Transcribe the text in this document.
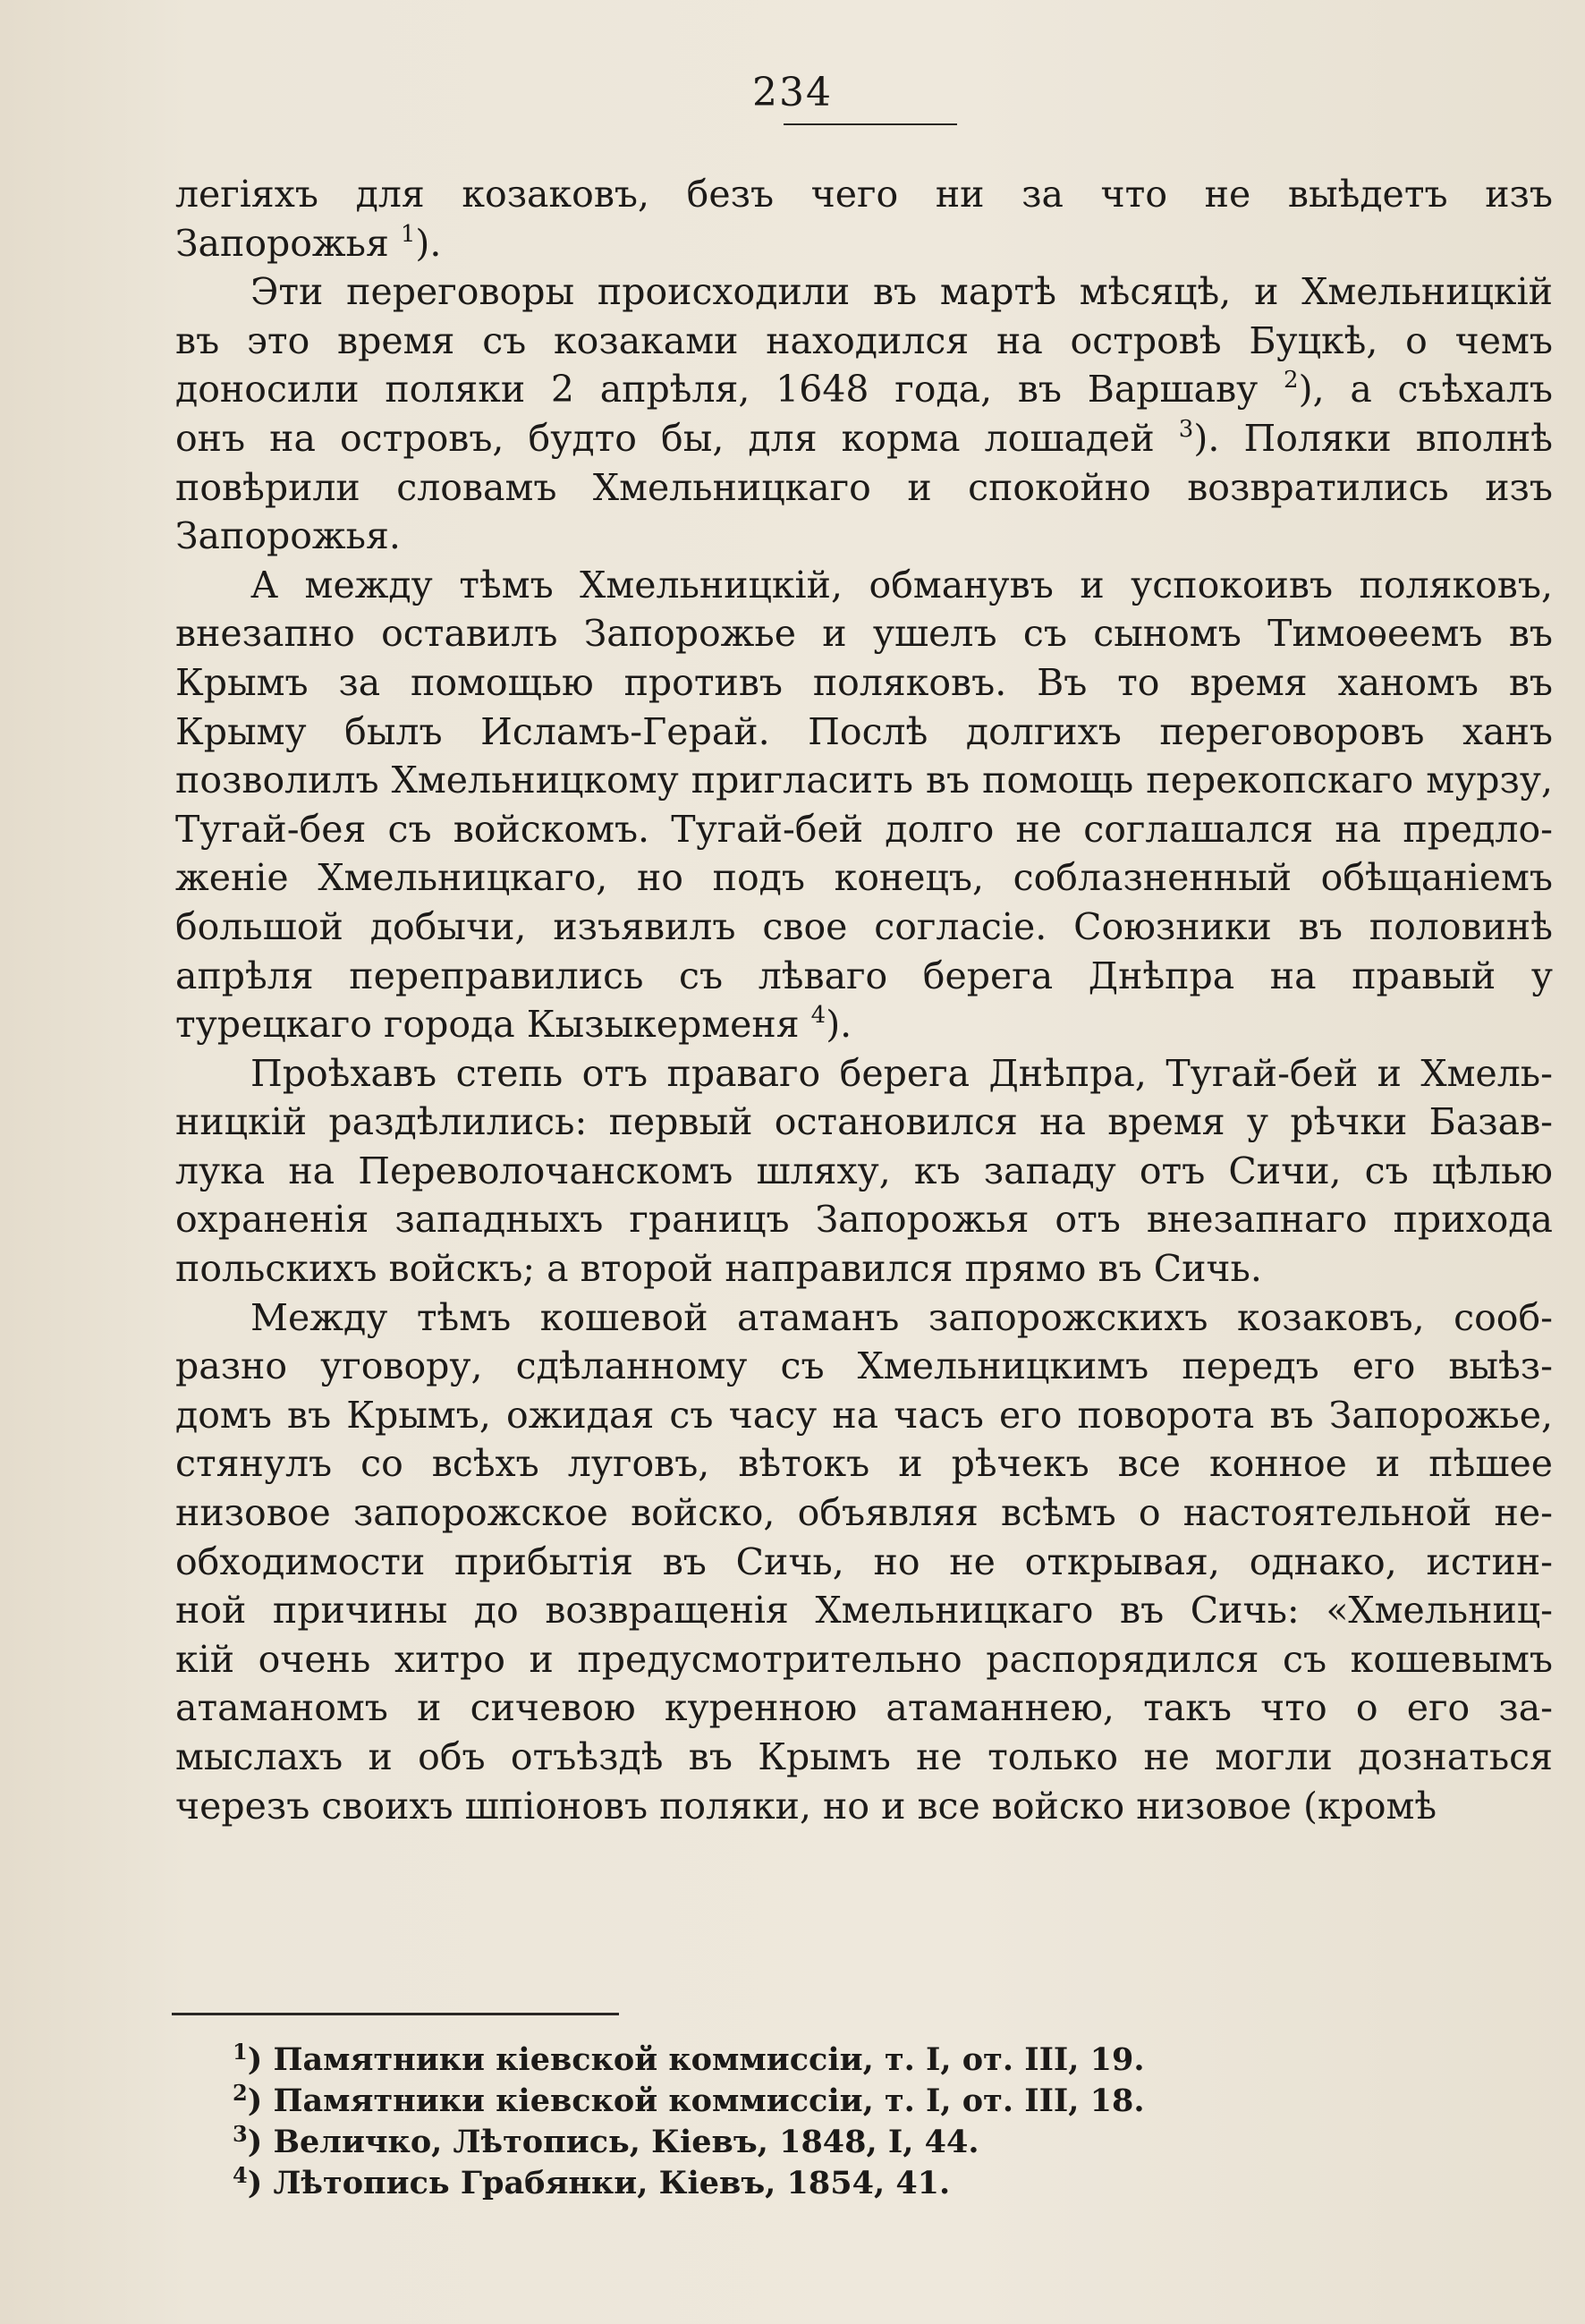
234
легіяхъ для козаковъ, безъ чего ни за что не выѣдетъ изъ
Запорожья $^1$).
Эти переговоры происходили въ мартѣ мѣсяцѣ, и Хмельницкій
въ это время съ козаками находился на островѣ Буцкѣ, о чемъ
доносили поляки 2 апрѣля, 1648 года, въ Варшаву $^2$), а съѣхалъ
онъ на островъ, будто бы, для корма лошадей $^3$). Поляки вполнѣ
повѣрили словамъ Хмельницкаго и спокойно возвратились изъ
Запорожья.
А между тѣмъ Хмельницкій, обманувъ и успокоивъ поляковъ,
внезапно оставилъ Запорожье и ушелъ съ сыномъ Тимоѳеемъ въ
Крымъ за помощью противъ поляковъ. Въ то время ханомъ въ
Крыму былъ Исламъ-Герай. Послѣ долгихъ переговоровъ ханъ
позволилъ Хмельницкому пригласить въ помощь перекопскаго мурзу,
Тугай-бея съ войскомъ. Тугай-бей долго не соглашался на предло-
женіе Хмельницкаго, но подъ конецъ, соблазненный обѣщаніемъ
большой добычи, изъявилъ свое согласіе. Союзники въ половинѣ
апрѣля переправились съ лѣваго берега Днѣпра на правый у
турецкаго города Кызыкерменя $^4$).
Проѣхавъ степь отъ праваго берега Днѣпра, Тугай-бей и Хмель-
ницкій раздѣлились: первый остановился на время у рѣчки Базав-
лука на Переволочанскомъ шляху, къ западу отъ Сичи, съ цѣлью
охраненія западныхъ границъ Запорожья отъ внезапнаго прихода
польскихъ войскъ; а второй направился прямо въ Сичь.
Между тѣмъ кошевой атаманъ запорожскихъ козаковъ, сооб-
разно уговору, сдѣланному съ Хмельницкимъ передъ его выѣз-
домъ въ Крымъ, ожидая съ часу на часъ его поворота въ Запорожье,
стянулъ со всѣхъ луговъ, вѣтокъ и рѣчекъ все конное и пѣшее
низовое запорожское войско, объявляя всѣмъ о настоятельной не-
обходимости прибытія въ Сичь, но не открывая, однако, истин-
ной причины до возвращенія Хмельницкаго въ Сичь: «Хмельниц-
кій очень хитро и предусмотрительно распорядился съ кошевымъ
атаманомъ и сичевою куренною атаманнею, такъ что о его за-
мыслахъ и объ отъѣздѣ въ Крымъ не только не могли дознаться
черезъ своихъ шпіоновъ поляки, но и все войско низовое (кромѣ
$^1$) Памятники кіевской коммиссіи, т. I, от. III, 19.
$^2$) Памятники кіевской коммиссіи, т. I, от. III, 18.
$^3$) Величко, Лѣтопись, Кіевъ, 1848, I, 44.
$^4$) Лѣтопись Грабянки, Кіевъ, 1854, 41.
